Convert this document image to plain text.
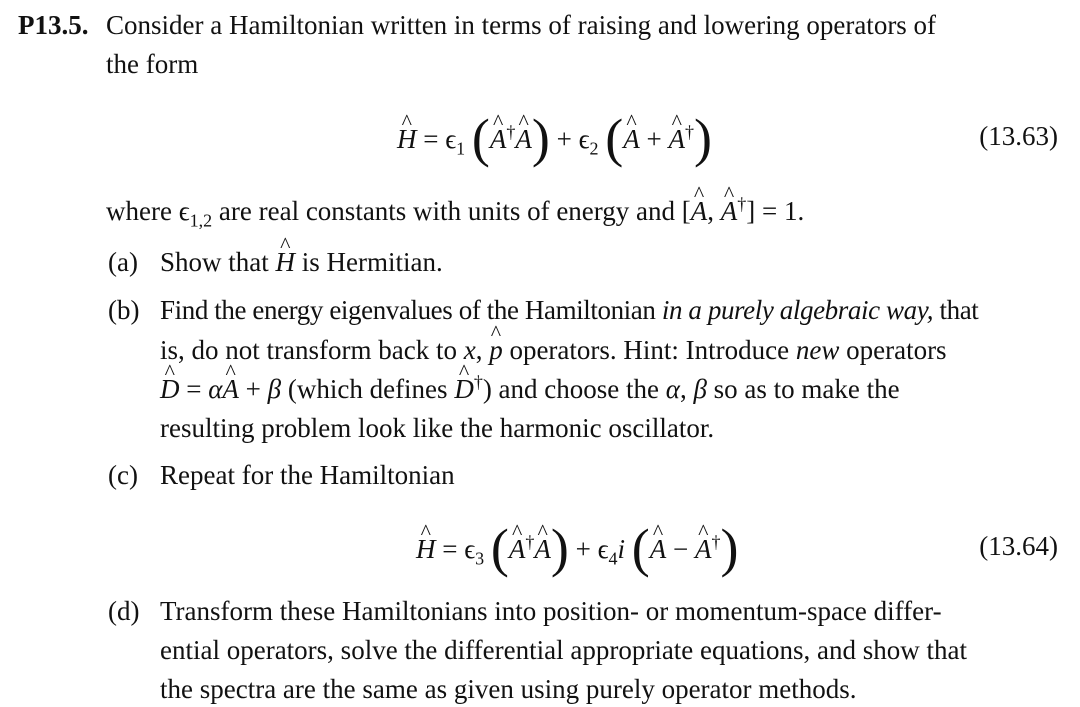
P13.5. Consider a Hamiltonian written in terms of raising and lowering operators of
the form
^ $H = \epsilon_1$ (^ A†^ $A) + \epsilon_2$ (^ A + ^ A†)	(13.63)
where $\epsilon_{1,2}$ are real constants with units of energy and [^ A, ^ A†] = 1.
(a) Show that ^ H is Hermitian.
(b) Find the energy eigenvalues of the Hamiltonian in a purely algebraic way, that
is, do not transform back to x, ^ p operators. Hint: Introduce new operators
^ D = α^ A + β (which defines ^ D†) and choose the α, β so as to make the
resulting problem look like the harmonic oscillator.
(c) Repeat for the Hamiltonian
^ $H = \epsilon_3$ (^ A†^ $A) + \epsilon_4i$ (^ A − ^ A†)	(13.64)
(d) Transform these Hamiltonians into position- or momentum-space differ-
ential operators, solve the differential appropriate equations, and show that
the spectra are the same as given using purely operator methods.
